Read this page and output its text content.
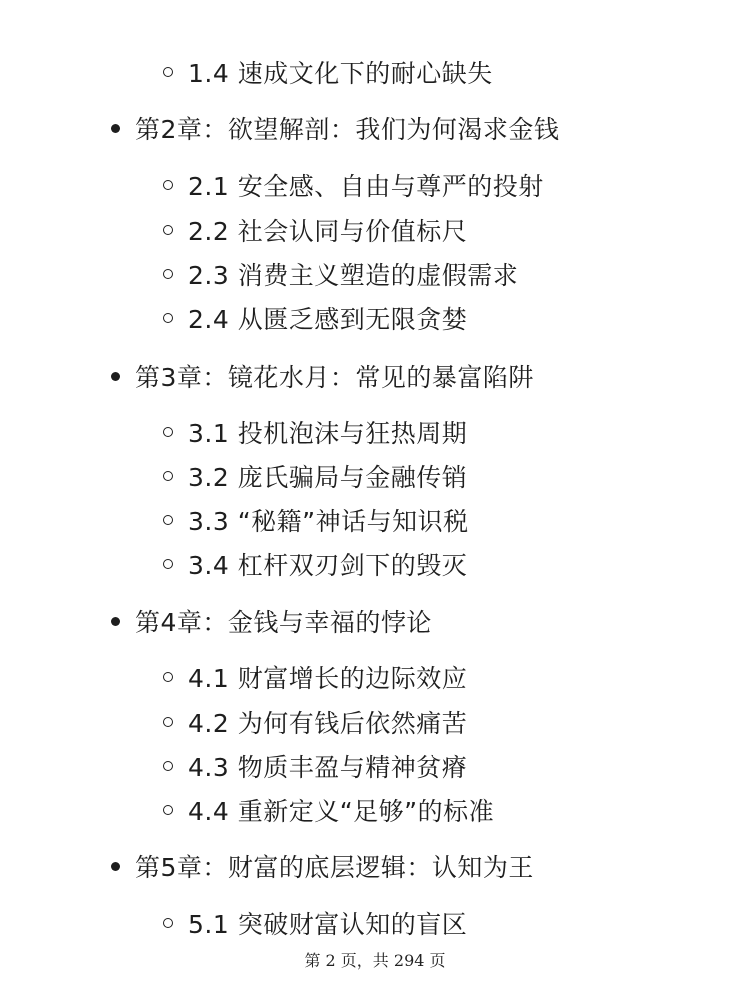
1.4 速成文化下的耐心缺失
第2章：欲望解剖：我们为何渴求金钱
2.1 安全感、自由与尊严的投射
2.2 社会认同与价值标尺
2.3 消费主义塑造的虚假需求
2.4 从匮乏感到无限贪婪
第3章：镜花水月：常见的暴富陷阱
3.1 投机泡沫与狂热周期
3.2 庞氏骗局与金融传销
3.3 “秘籍”神话与知识税
3.4 杠杆双刃剑下的毁灭
第4章：金钱与幸福的悖论
4.1 财富增长的边际效应
4.2 为何有钱后依然痛苦
4.3 物质丰盈与精神贫瘠
4.4 重新定义“足够”的标准
第5章：财富的底层逻辑：认知为王
5.1 突破财富认知的盲区
第 2 页，共 294 页
